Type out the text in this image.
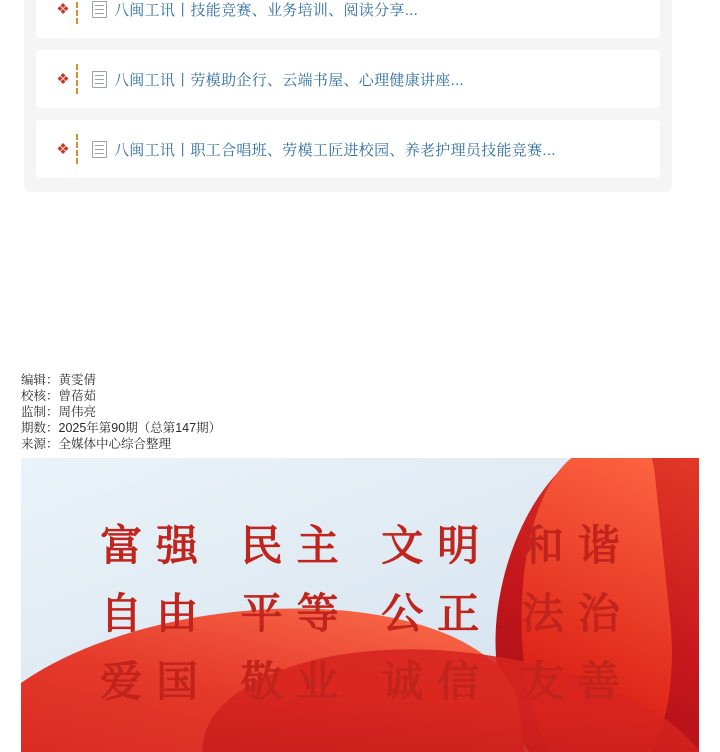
❖	八闽工讯丨技能竞赛、业务培训、阅读分享...
❖	八闽工讯丨劳模助企行、云端书屋、心理健康讲座...
❖	八闽工讯丨职工合唱班、劳模工匠进校园、养老护理员技能竞赛...
编辑：黄雯倩
校核：曾蓓茹
监制：周伟亮
期数：2025年第90期（总第147期）
来源：全媒体中心综合整理
富强 民主 文明 和谐
自由 平等 公正 法治
爱国 敬业 诚信 友善
